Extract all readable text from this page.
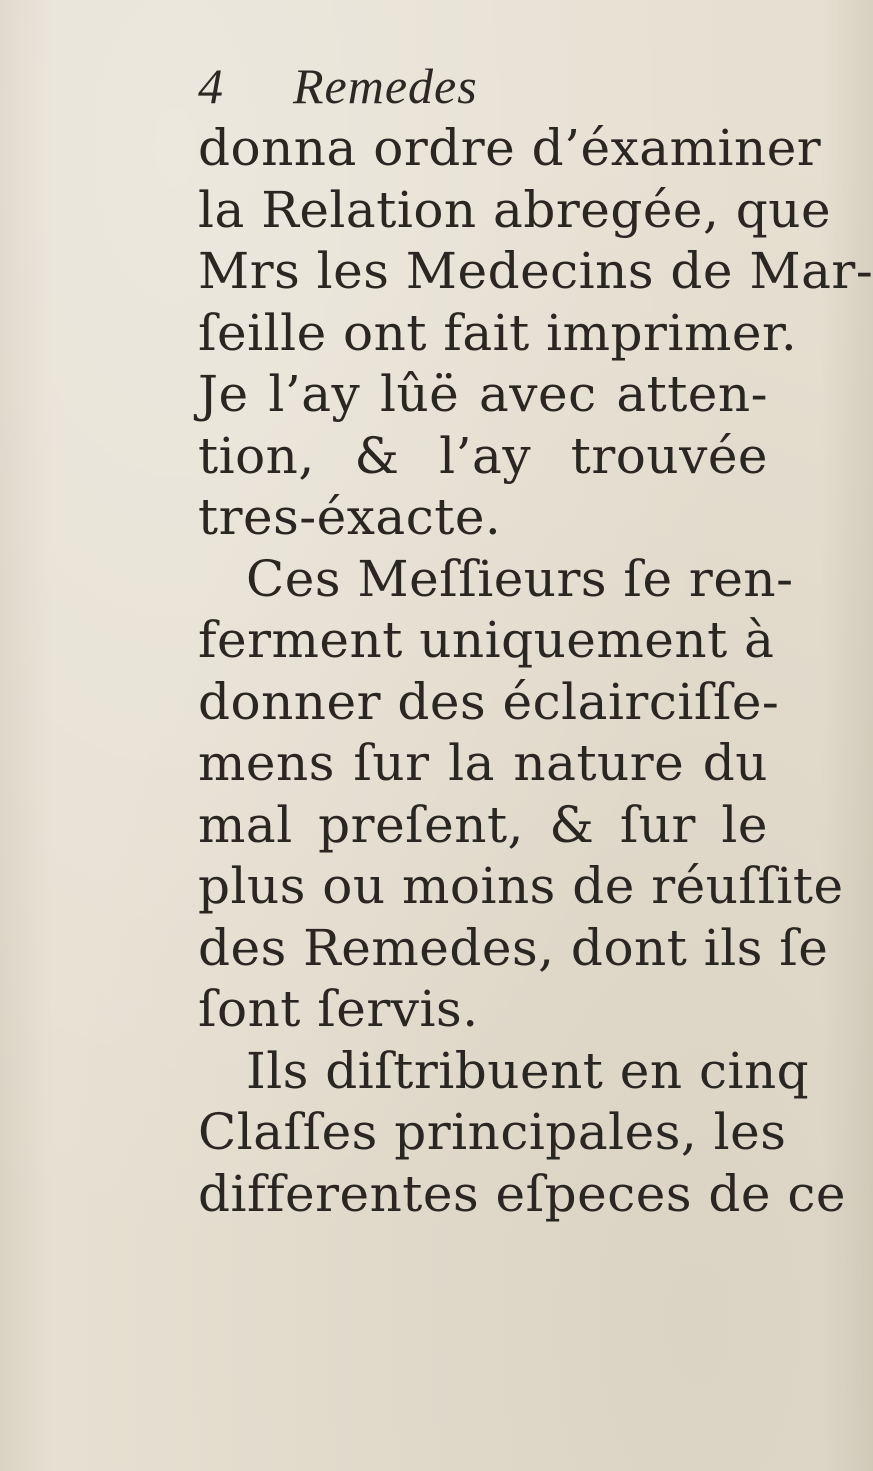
4 Remedes
donna ordre d’éxaminer
la Relation abregée, que
Mrs les Medecins de Mar-
ſeille ont fait imprimer.
Je l’ay lûë avec atten-
tion, & l’ay trouvée
tres-éxacte.
Ces Meſſieurs ſe ren-
ferment uniquement à
donner des éclairciſſe-
mens ſur la nature du
mal preſent, & ſur le
plus ou moins de réuſſite
des Remedes, dont ils ſe
ſont ſervis.
Ils diſtribuent en cinq
Claſſes principales, les
differentes eſpeces de ce
